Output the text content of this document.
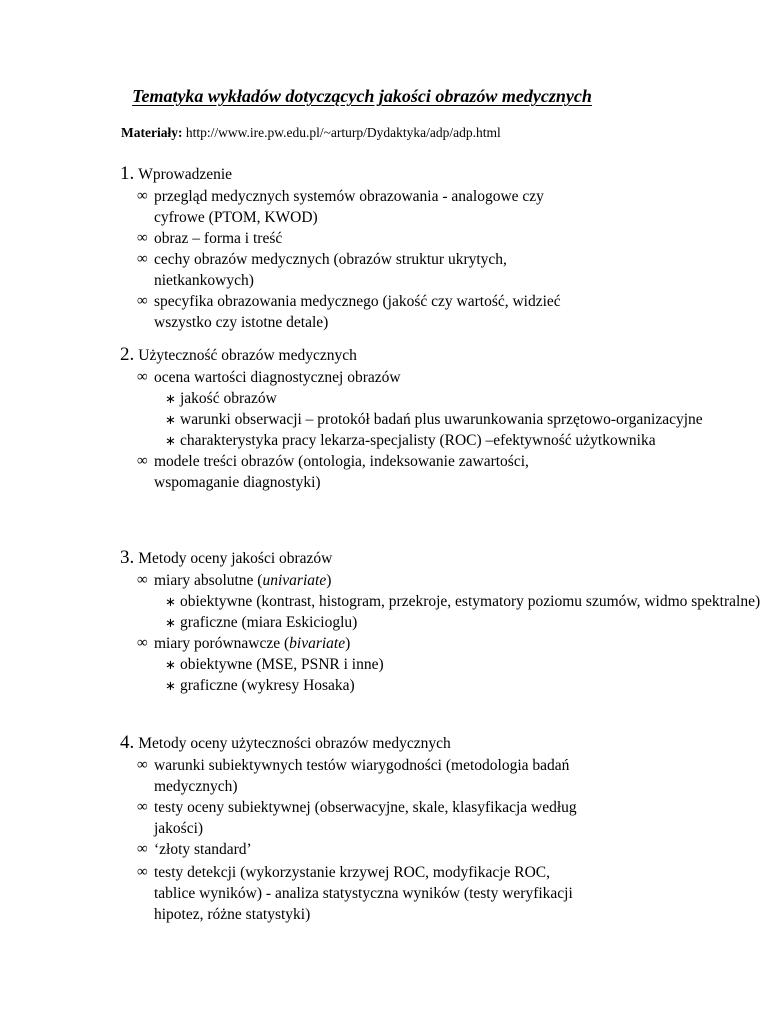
Tematyka wykładów dotyczących jakości obrazów medycznych
Materiały: http://www.ire.pw.edu.pl/~arturp/Dydaktyka/adp/adp.html
1. Wprowadzenie
∞ przegląd medycznych systemów obrazowania - analogowe czy
cyfrowe (PTOM, KWOD)
∞ obraz – forma i treść
∞ cechy obrazów medycznych (obrazów struktur ukrytych,
nietkankowych)
∞ specyfika obrazowania medycznego (jakość czy wartość, widzieć
wszystko czy istotne detale)
2. Użyteczność obrazów medycznych
∞ ocena wartości diagnostycznej obrazów
∗ jakość obrazów
∗ warunki obserwacji – protokół badań plus uwarunkowania sprzętowo-organizacyjne
∗ charakterystyka pracy lekarza-specjalisty (ROC) –efektywność użytkownika
∞ modele treści obrazów (ontologia, indeksowanie zawartości,
wspomaganie diagnostyki)
3. Metody oceny jakości obrazów
∞ miary absolutne (univariate)
∗ obiektywne (kontrast, histogram, przekroje, estymatory poziomu szumów, widmo spektralne)
∗ graficzne (miara Eskicioglu)
∞ miary porównawcze (bivariate)
∗ obiektywne (MSE, PSNR i inne)
∗ graficzne (wykresy Hosaka)
4. Metody oceny użyteczności obrazów medycznych
∞ warunki subiektywnych testów wiarygodności (metodologia badań
medycznych)
∞ testy oceny subiektywnej (obserwacyjne, skale, klasyfikacja według
jakości)
∞ ‘złoty standard’
∞ testy detekcji (wykorzystanie krzywej ROC, modyfikacje ROC,
tablice wyników) - analiza statystyczna wyników (testy weryfikacji
hipotez, różne statystyki)
